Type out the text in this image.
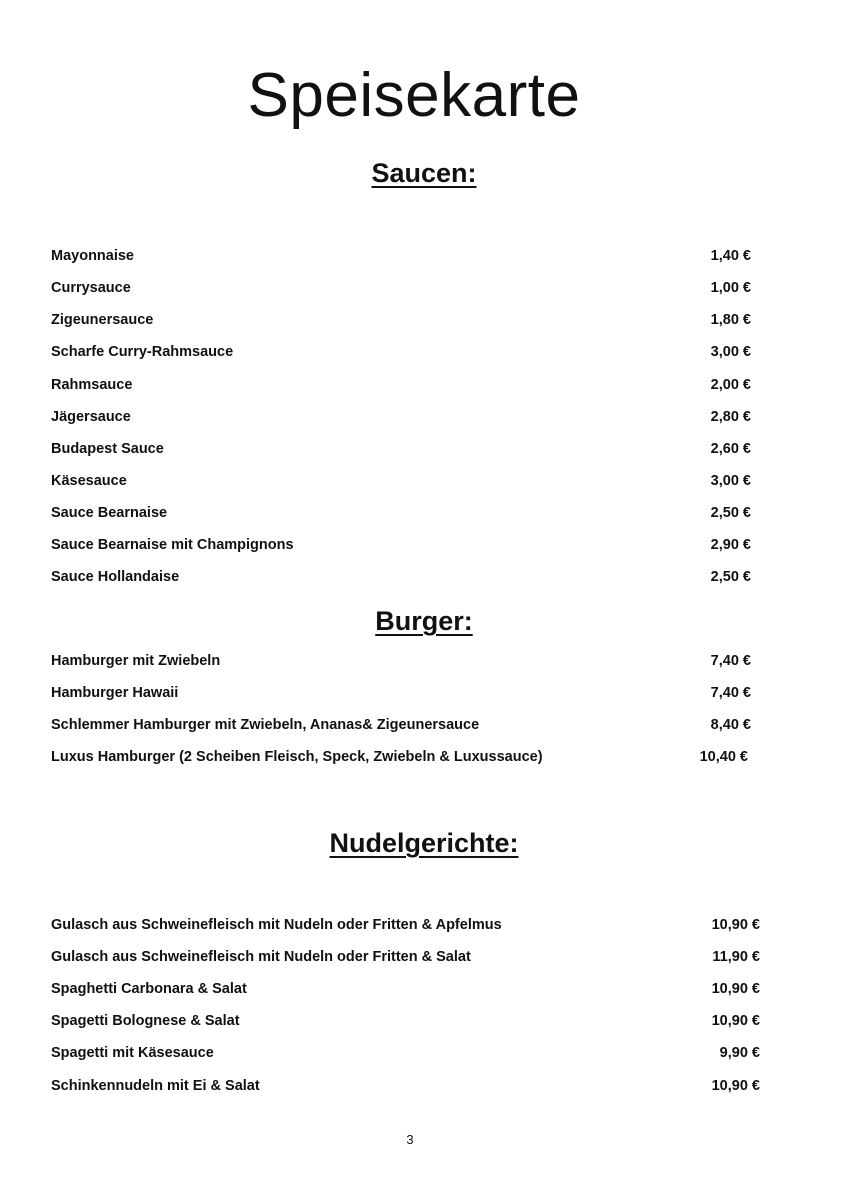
Speisekarte
Saucen:
Mayonnaise	1,40 €
Currysauce	1,00 €
Zigeunersauce	1,80 €
Scharfe Curry-Rahmsauce	3,00 €
Rahmsauce	2,00 €
Jägersauce	2,80 €
Budapest Sauce	2,60 €
Käsesauce	3,00 €
Sauce Bearnaise	2,50 €
Sauce Bearnaise mit Champignons	2,90 €
Sauce Hollandaise	2,50 €
Burger:
Hamburger mit Zwiebeln	7,40 €
Hamburger Hawaii	7,40 €
Schlemmer Hamburger mit Zwiebeln, Ananas& Zigeunersauce	8,40 €
Luxus Hamburger (2 Scheiben Fleisch, Speck, Zwiebeln & Luxussauce)	10,40 €
Nudelgerichte:
Gulasch aus Schweinefleisch mit Nudeln oder Fritten & Apfelmus	10,90 €
Gulasch aus Schweinefleisch mit Nudeln oder Fritten & Salat	11,90 €
Spaghetti Carbonara & Salat	10,90 €
Spagetti Bolognese & Salat	10,90 €
Spagetti mit Käsesauce	9,90 €
Schinkennudeln mit Ei & Salat	10,90 €
3
